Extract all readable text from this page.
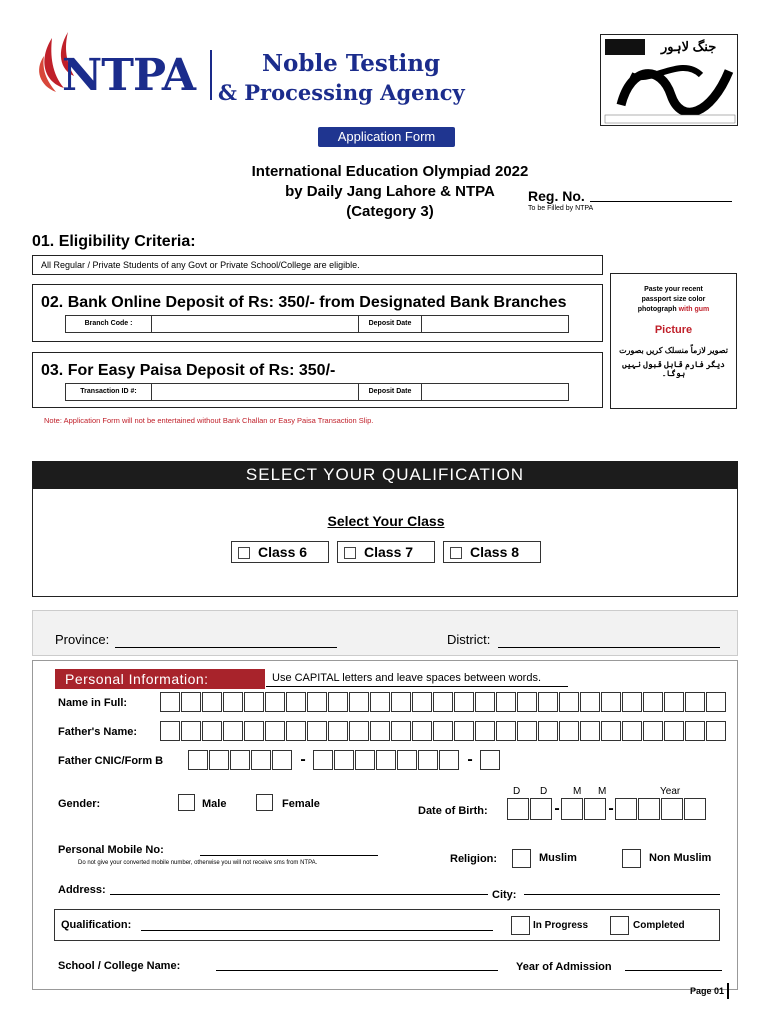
NTPA	Noble Testing
& Processing Agency
جنگ لاہور
Application Form
International Education Olympiad 2022
by Daily Jang Lahore & NTPA
(Category 3)
Reg. No.
To be Filled by NTPA
01. Eligibility Criteria:
All Regular / Private Students of any Govt or Private School/College are eligible.
02. Bank Online Deposit of Rs: 350/- from Designated Bank Branches
Branch Code :	Deposit Date
03. For Easy Paisa Deposit of Rs: 350/-
Transaction ID #:	Deposit Date
Paste your recent
passport size color
photograph with gum
Picture
تصویر لازماً منسلک کریں بصورت
دیگر فارم قابل قبول نہیں ہوگا۔
Note: Application Form will not be entertained without Bank Challan or Easy Paisa Transaction Slip.
SELECT YOUR QUALIFICATION
Select Your Class
Class 6	Class 7	Class 8
Province:	District:
Personal Information:	Use CAPITAL letters and leave spaces between words.
Name in Full:
Father's Name:
Father CNIC/Form B	-	-
Gender:	Male	Female
D D	M M	Year
Date of Birth:	-	-
Personal Mobile No:
Do not give your converted mobile number, otherwise you will not receive sms from NTPA.	Religion:	Muslim	Non Muslim
Address:	City:
Qualification:	In Progress	Completed
School / College Name:	Year of Admission
Page 01
